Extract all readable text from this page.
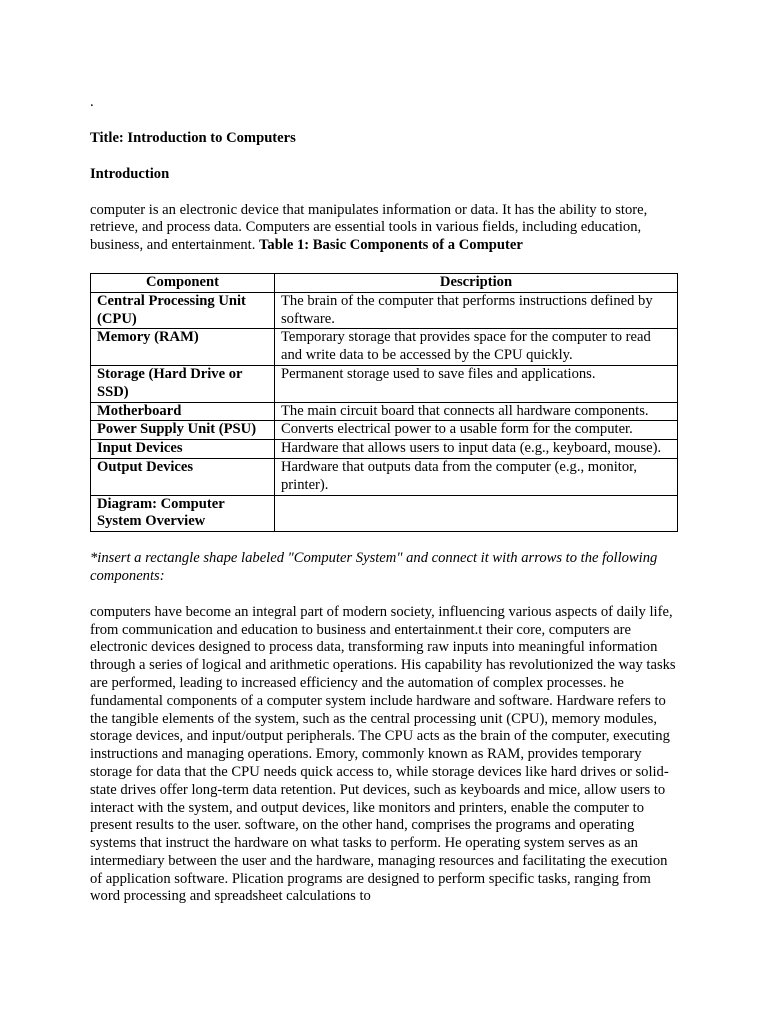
.

Title: Introduction to Computers

Introduction

computer is an electronic device that manipulates information or data. It has the ability to store, retrieve, and process data. Computers are essential tools in various fields, including education, business, and entertainment. Table 1: Basic Components of a Computer

Component	Description
Central Processing Unit (CPU)	The brain of the computer that performs instructions defined by software.
Memory (RAM)	Temporary storage that provides space for the computer to read and write data to be accessed by the CPU quickly.
Storage (Hard Drive or SSD)	Permanent storage used to save files and applications.
Motherboard	The main circuit board that connects all hardware components.
Power Supply Unit (PSU)	Converts electrical power to a usable form for the computer.
Input Devices	Hardware that allows users to input data (e.g., keyboard, mouse).
Output Devices	Hardware that outputs data from the computer (e.g., monitor, printer).
Diagram: Computer System Overview	

*insert a rectangle shape labeled "Computer System" and connect it with arrows to the following components:

computers have become an integral part of modern society, influencing various aspects of daily life, from communication and education to business and entertainment.t their core, computers are electronic devices designed to process data, transforming raw inputs into meaningful information through a series of logical and arithmetic operations. His capability has revolutionized the way tasks are performed, leading to increased efficiency and the automation of complex processes. he fundamental components of a computer system include hardware and software. Hardware refers to the tangible elements of the system, such as the central processing unit (CPU), memory modules, storage devices, and input/output peripherals. The CPU acts as the brain of the computer, executing instructions and managing operations. Emory, commonly known as RAM, provides temporary storage for data that the CPU needs quick access to, while storage devices like hard drives or solid-state drives offer long-term data retention. Put devices, such as keyboards and mice, allow users to interact with the system, and output devices, like monitors and printers, enable the computer to present results to the user. software, on the other hand, comprises the programs and operating systems that instruct the hardware on what tasks to perform. He operating system serves as an intermediary between the user and the hardware, managing resources and facilitating the execution of application software. Plication programs are designed to perform specific tasks, ranging from word processing and spreadsheet calculations to
